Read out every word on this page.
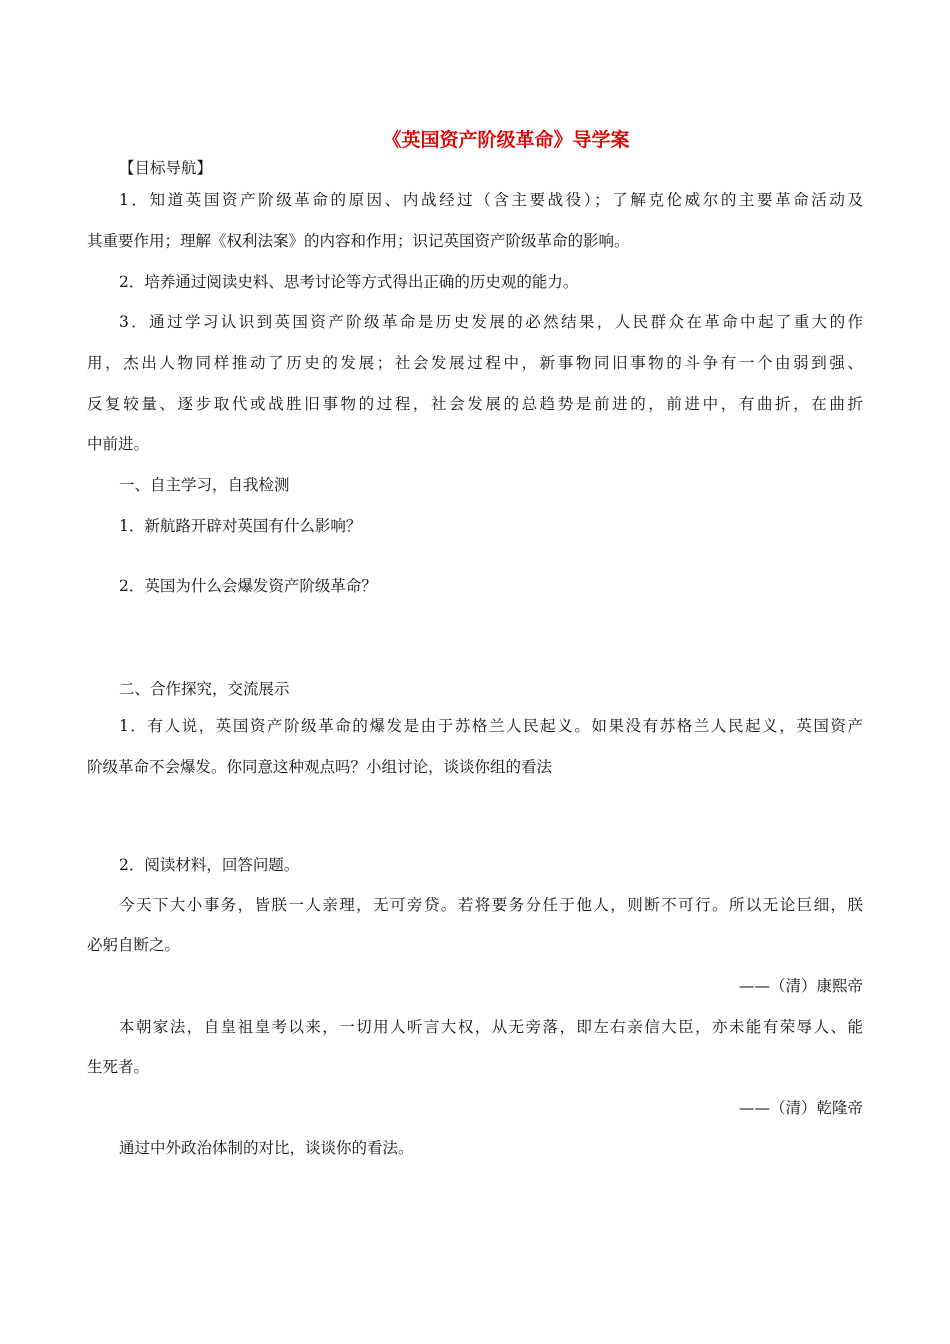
《英国资产阶级革命》导学案
【目标导航】
1．知道英国资产阶级革命的原因、内战经过（含主要战役）；了解克伦威尔的主要革命活动及
其重要作用；理解《权利法案》的内容和作用；识记英国资产阶级革命的影响。
2．培养通过阅读史料、思考讨论等方式得出正确的历史观的能力。
3．通过学习认识到英国资产阶级革命是历史发展的必然结果，人民群众在革命中起了重大的作
用，杰出人物同样推动了历史的发展；社会发展过程中，新事物同旧事物的斗争有一个由弱到强、
反复较量、逐步取代或战胜旧事物的过程，社会发展的总趋势是前进的，前进中，有曲折，在曲折
中前进。
一、自主学习，自我检测
1．新航路开辟对英国有什么影响？
2．英国为什么会爆发资产阶级革命？
二、合作探究，交流展示
1．有人说，英国资产阶级革命的爆发是由于苏格兰人民起义。如果没有苏格兰人民起义，英国资产
阶级革命不会爆发。你同意这种观点吗？小组讨论，谈谈你组的看法
2．阅读材料，回答问题。
今天下大小事务，皆朕一人亲理，无可旁贷。若将要务分任于他人，则断不可行。所以无论巨细，朕
必躬自断之。
——（清）康熙帝
本朝家法，自皇祖皇考以来，一切用人听言大权，从无旁落，即左右亲信大臣，亦未能有荣辱人、能
生死者。
——（清）乾隆帝
通过中外政治体制的对比，谈谈你的看法。
